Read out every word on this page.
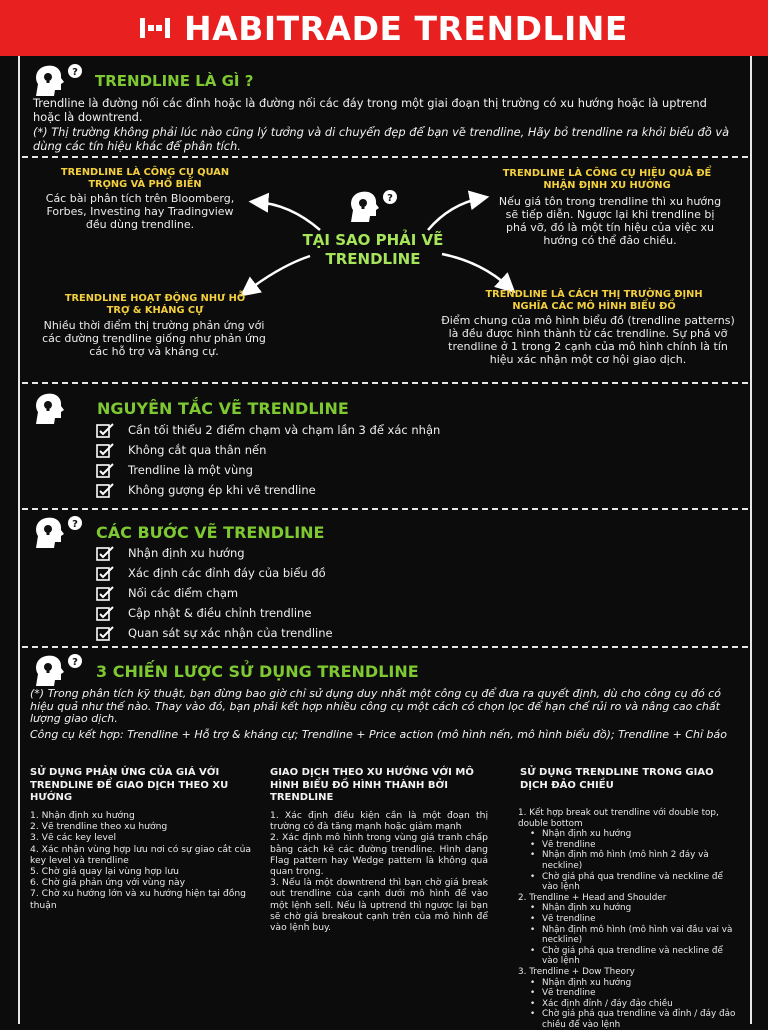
HABITRADE TRENDLINE
? TRENDLINE LÀ GÌ ?
Trendline là đường nối các đỉnh hoặc là đường nối các đáy trong một giai đoạn thị trường có xu hướng hoặc là uptrend hoặc là downtrend.
(*) Thị trường không phải lúc nào cũng lý tưởng và di chuyển đẹp để bạn vẽ trendline, Hãy bỏ trendline ra khỏi biểu đồ và dùng các tín hiệu khác để phân tích.
TRENDLINE LÀ CÔNG CỤ QUAN TRỌNG VÀ PHỔ BIẾN
Các bài phân tích trên Bloomberg, Forbes, Investing hay Tradingview đều dùng trendline.
TRENDLINE LÀ CÔNG CỤ HIỆU QUẢ ĐỂ NHẬN ĐỊNH XU HƯỚNG
Nếu giá tôn trong trendline thì xu hướng sẽ tiếp diễn. Ngược lại khi trendline bị phá vỡ, đó là một tín hiệu của việc xu hướng có thể đảo chiều.
?
TẠI SAO PHẢI VẼ TRENDLINE
TRENDLINE HOẠT ĐỘNG NHƯ HỖ TRỢ & KHÁNG CỰ
Nhiều thời điểm thị trường phản ứng với các đường trendline giống như phản ứng các hỗ trợ và kháng cự.
TRENDLINE LÀ CÁCH THỊ TRƯỜNG ĐỊNH NGHĨA CÁC MÔ HÌNH BIỂU ĐỒ
Điểm chung của mô hình biểu đồ (trendline patterns) là đều được hình thành từ các trendline. Sự phá vỡ trendline ở 1 trong 2 cạnh của mô hình chính là tín hiệu xác nhận một cơ hội giao dịch.
NGUYÊN TẮC VẼ TRENDLINE
Cần tối thiểu 2 điểm chạm và chạm lần 3 để xác nhận
Không cắt qua thân nến
Trendline là một vùng
Không gượng ép khi vẽ trendline
? CÁC BƯỚC VẼ TRENDLINE
Nhận định xu hướng
Xác định các đỉnh đáy của biểu đồ
Nối các điểm chạm
Cập nhật & điều chỉnh trendline
Quan sát sự xác nhận của trendline
? 3 CHIẾN LƯỢC SỬ DỤNG TRENDLINE
(*) Trong phân tích kỹ thuật, bạn đừng bao giờ chỉ sử dụng duy nhất một công cụ để đưa ra quyết định, dù cho công cụ đó có hiệu quả như thế nào. Thay vào đó, bạn phải kết hợp nhiều công cụ một cách có chọn lọc để hạn chế rủi ro và nâng cao chất lượng giao dịch.
Công cụ kết hợp: Trendline + Hỗ trợ & kháng cự; Trendline + Price action (mô hình nến, mô hình biểu đồ); Trendline + Chỉ báo
SỬ DỤNG PHẢN ỨNG CỦA GIÁ VỚI TRENDLINE ĐỂ GIAO DỊCH THEO XU HƯỚNG
1. Nhận định xu hướng
2. Vẽ trendline theo xu hướng
3. Vẽ các key level
4. Xác nhận vùng hợp lưu nơi có sự giao cắt của key level và trendline
5. Chờ giá quay lại vùng hợp lưu
6. Chờ giá phản ứng với vùng này
7. Chờ xu hướng lớn và xu hướng hiện tại đồng thuận
GIAO DỊCH THEO XU HƯỚNG VỚI MÔ HÌNH BIỂU ĐỒ HÌNH THÀNH BỞI TRENDLINE
1. Xác định điều kiện cần là một đoạn thị trường có đà tăng mạnh hoặc giảm mạnh
2. Xác định mô hình trong vùng giá tranh chấp bằng cách kẻ các đường trendline. Hình dạng Flag pattern hay Wedge pattern là không quá quan trọng.
3. Nếu là một downtrend thì bạn chờ giá break out trendline của cạnh dưới mô hình để vào một lệnh sell. Nếu là uptrend thì ngược lại bạn sẽ chờ giá breakout cạnh trên của mô hình để vào lệnh buy.
SỬ DỤNG TRENDLINE TRONG GIAO DỊCH ĐẢO CHIỀU
1. Kết hợp break out trendline với double top, double bottom
• Nhận định xu hướng
• Vẽ trendline
• Nhận định mô hình (mô hình 2 đáy và neckline)
• Chờ giá phá qua trendline và neckline để vào lệnh
2. Trendline + Head and Shoulder
• Nhận định xu hướng
• Vẽ trendline
• Nhận định mô hình (mô hình vai đầu vai và neckline)
• Chờ giá phá qua trendline và neckline để vào lệnh
3. Trendline + Dow Theory
• Nhận định xu hướng
• Vẽ trendline
• Xác định đỉnh / đáy đảo chiều
• Chờ giá phá qua trendline và đỉnh / đáy đảo chiều để vào lệnh
